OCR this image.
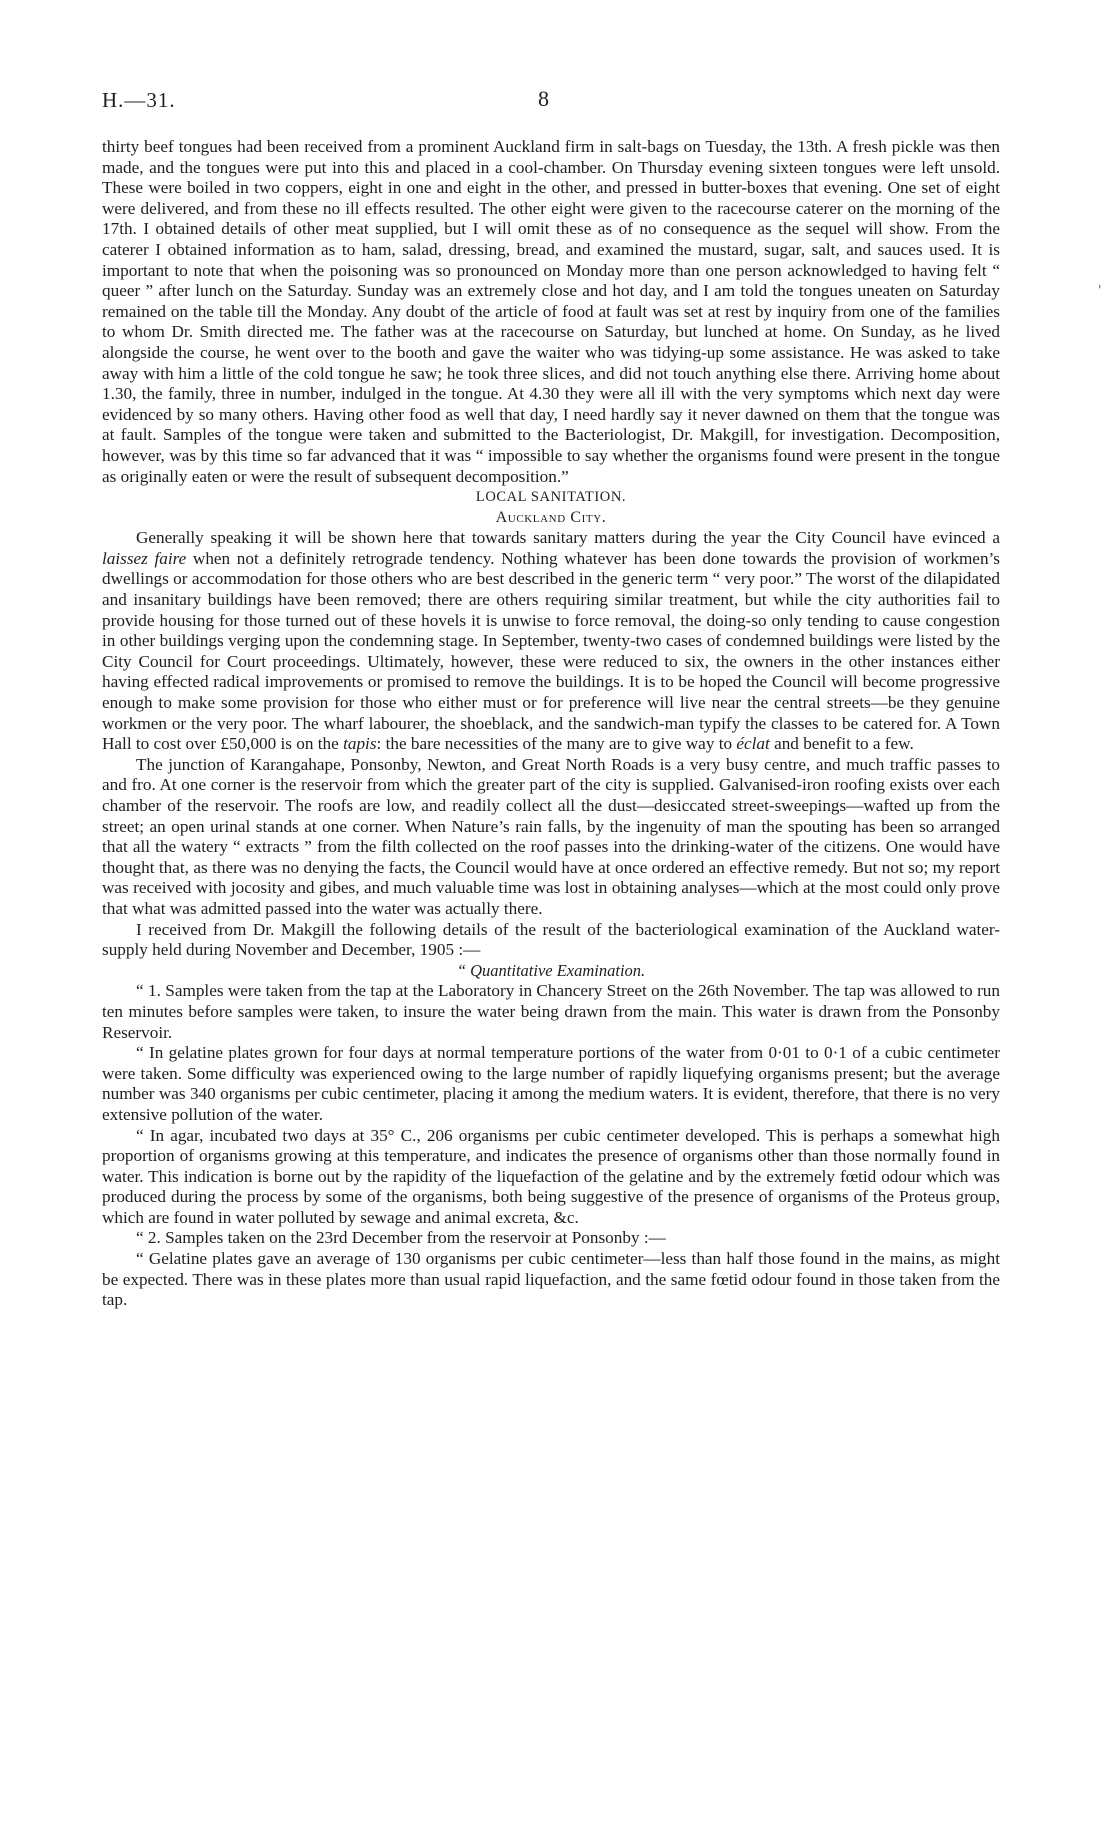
H.—31.	8
›

thirty beef tongues had been received from a prominent Auckland firm in salt-bags on Tuesday, the 13th. A fresh pickle was then made, and the tongues were put into this and placed in a cool-chamber. On Thursday evening sixteen tongues were left unsold. These were boiled in two coppers, eight in one and eight in the other, and pressed in butter-boxes that evening. One set of eight were delivered, and from these no ill effects resulted. The other eight were given to the racecourse caterer on the morning of the 17th. I obtained details of other meat supplied, but I will omit these as of no consequence as the sequel will show. From the caterer I obtained information as to ham, salad, dressing, bread, and examined the mustard, sugar, salt, and sauces used. It is important to note that when the poisoning was so pronounced on Monday more than one person acknowledged to having felt “ queer ” after lunch on the Saturday. Sunday was an extremely close and hot day, and I am told the tongues uneaten on Saturday remained on the table till the Monday. Any doubt of the article of food at fault was set at rest by inquiry from one of the families to whom Dr. Smith directed me. The father was at the racecourse on Saturday, but lunched at home. On Sunday, as he lived alongside the course, he went over to the booth and gave the waiter who was tidying-up some assistance. He was asked to take away with him a little of the cold tongue he saw; he took three slices, and did not touch anything else there. Arriving home about 1.30, the family, three in number, indulged in the tongue. At 4.30 they were all ill with the very symptoms which next day were evidenced by so many others. Having other food as well that day, I need hardly say it never dawned on them that the tongue was at fault. Samples of the tongue were taken and submitted to the Bacteriologist, Dr. Makgill, for investigation. Decomposition, however, was by this time so far advanced that it was “ impossible to say whether the organisms found were present in the tongue as originally eaten or were the result of subsequent decomposition.”

LOCAL SANITATION.

Auckland City.

Generally speaking it will be shown here that towards sanitary matters during the year the City Council have evinced a laissez faire when not a definitely retrograde tendency. Nothing whatever has been done towards the provision of workmen’s dwellings or accommodation for those others who are best described in the generic term “ very poor.” The worst of the dilapidated and insanitary buildings have been removed; there are others requiring similar treatment, but while the city authorities fail to provide housing for those turned out of these hovels it is unwise to force removal, the doing-so only tending to cause congestion in other buildings verging upon the condemning stage. In September, twenty-two cases of condemned buildings were listed by the City Council for Court proceedings. Ultimately, however, these were reduced to six, the owners in the other instances either having effected radical improvements or promised to remove the buildings. It is to be hoped the Council will become progressive enough to make some provision for those who either must or for preference will live near the central streets—be they genuine workmen or the very poor. The wharf labourer, the shoeblack, and the sandwich-man typify the classes to be catered for. A Town Hall to cost over £50,000 is on the tapis: the bare necessities of the many are to give way to éclat and benefit to a few.

The junction of Karangahape, Ponsonby, Newton, and Great North Roads is a very busy centre, and much traffic passes to and fro. At one corner is the reservoir from which the greater part of the city is supplied. Galvanised-iron roofing exists over each chamber of the reservoir. The roofs are low, and readily collect all the dust—desiccated street-sweepings—wafted up from the street; an open urinal stands at one corner. When Nature’s rain falls, by the ingenuity of man the spouting has been so arranged that all the watery “ extracts ” from the filth collected on the roof passes into the drinking-water of the citizens. One would have thought that, as there was no denying the facts, the Council would have at once ordered an effective remedy. But not so; my report was received with jocosity and gibes, and much valuable time was lost in obtaining analyses—which at the most could only prove that what was admitted passed into the water was actually there.

I received from Dr. Makgill the following details of the result of the bacteriological examination of the Auckland water-supply held during November and December, 1905 :—

“ Quantitative Examination.

“ 1. Samples were taken from the tap at the Laboratory in Chancery Street on the 26th November. The tap was allowed to run ten minutes before samples were taken, to insure the water being drawn from the main. This water is drawn from the Ponsonby Reservoir.

“ In gelatine plates grown for four days at normal temperature portions of the water from 0·01 to 0·1 of a cubic centimeter were taken. Some difficulty was experienced owing to the large number of rapidly liquefying organisms present; but the average number was 340 organisms per cubic centimeter, placing it among the medium waters. It is evident, therefore, that there is no very extensive pollution of the water.

“ In agar, incubated two days at 35° C., 206 organisms per cubic centimeter developed. This is perhaps a somewhat high proportion of organisms growing at this temperature, and indicates the presence of organisms other than those normally found in water. This indication is borne out by the rapidity of the liquefaction of the gelatine and by the extremely fœtid odour which was produced during the process by some of the organisms, both being suggestive of the presence of organisms of the Proteus group, which are found in water polluted by sewage and animal excreta, &c.

“ 2. Samples taken on the 23rd December from the reservoir at Ponsonby :—

“ Gelatine plates gave an average of 130 organisms per cubic centimeter—less than half those found in the mains, as might be expected. There was in these plates more than usual rapid liquefaction, and the same fœtid odour found in those taken from the tap.
